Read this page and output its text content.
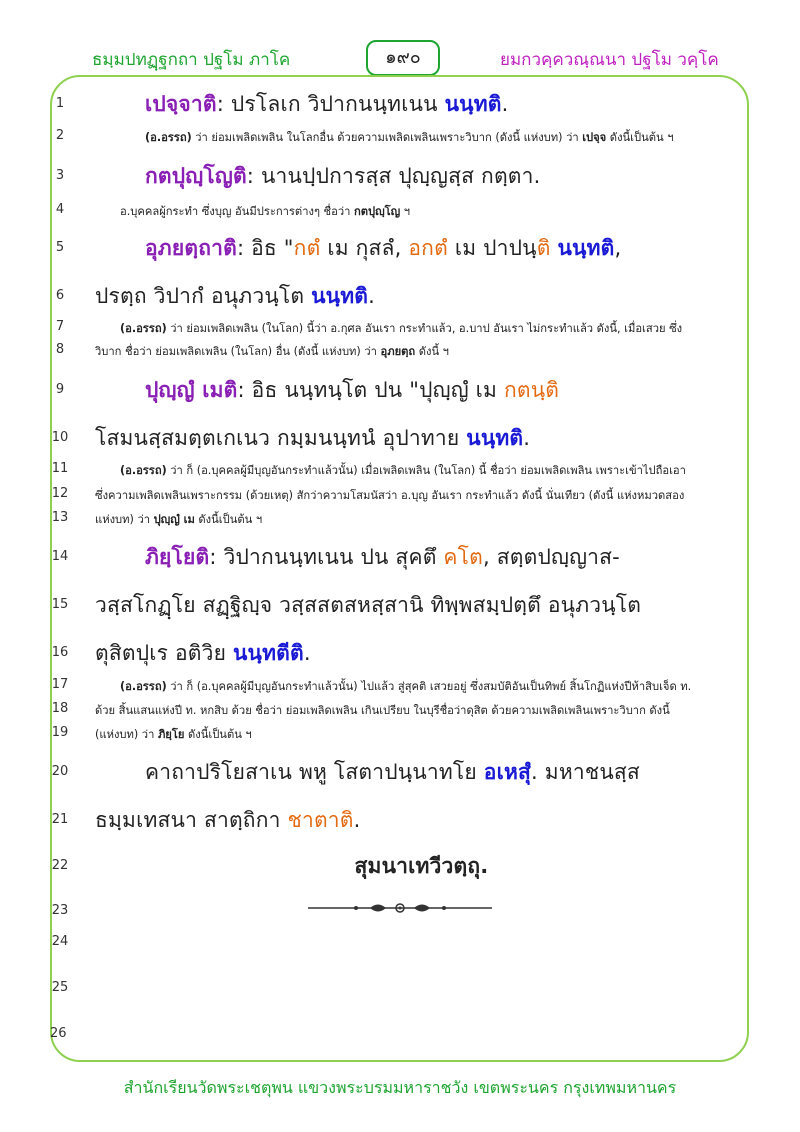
ธมฺมปทฏฺฐกถา ปฐโม ภาโค	๑๙๐	ยมกวคฺควณฺณนา ปฐโม วคฺโค
1	เปจฺจาติ: ปรโลเก วิปากนนฺทเนน นนฺทติ.
2	(อ.อรรถ) ว่า ย่อมเพลิดเพลิน ในโลกอื่น ด้วยความเพลิดเพลินเพราะวิบาก (ดังนี้ แห่งบท) ว่า เปจฺจ ดังนี้เป็นต้น ฯ
3	กตปุญฺโญติ: นานปฺปการสฺส ปุญฺญสฺส กตฺตา.
4	อ.บุคคลผู้กระทำ ซึ่งบุญ อันมีประการต่างๆ ชื่อว่า กตปุญฺโญ ฯ
5	อุภยตฺถาติ: อิธ "กตํ เม กุสลํ, อกตํ เม ปาปนฺติ นนฺทติ,
6	ปรตฺถ วิปากํ อนุภวนฺโต นนฺทติ.
7	(อ.อรรถ) ว่า ย่อมเพลิดเพลิน (ในโลก) นี้ว่า อ.กุศล อันเรา กระทำแล้ว, อ.บาป อันเรา ไม่กระทำแล้ว ดังนี้, เมื่อเสวย ซึ่ง
8	วิบาก ชื่อว่า ย่อมเพลิดเพลิน (ในโลก) อื่น (ดังนี้ แห่งบท) ว่า อุภยตฺถ ดังนี้ ฯ
9	ปุญฺญํ เมติ: อิธ นนฺทนฺโต ปน "ปุญฺญํ เม กตนฺติ
10	โสมนสฺสมตฺตเกเนว กมฺมนนฺทนํ อุปาทาย นนฺทติ.
11	(อ.อรรถ) ว่า ก็ (อ.บุคคลผู้มีบุญอันกระทำแล้วนั้น) เมื่อเพลิดเพลิน (ในโลก) นี้ ชื่อว่า ย่อมเพลิดเพลิน เพราะเข้าไปถือเอา
12	ซึ่งความเพลิดเพลินเพราะกรรม (ด้วยเหตุ) สักว่าความโสมนัสว่า อ.บุญ อันเรา กระทำแล้ว ดังนี้ นั่นเทียว (ดังนี้ แห่งหมวดสอง
13	แห่งบท) ว่า ปุญฺญํ เม ดังนี้เป็นต้น ฯ
14	ภิยฺโยติ: วิปากนนฺทเนน ปน สุคตึ คโต, สตฺตปญฺญาส-
15	วสฺสโกฏฺโย สฏฺฐิญฺจ วสฺสสตสหสฺสานิ ทิพฺพสมฺปตฺตึ อนุภวนฺโต
16	ตุสิตปุเร อติวิย นนฺทตีติ.
17	(อ.อรรถ) ว่า ก็ (อ.บุคคลผู้มีบุญอันกระทำแล้วนั้น) ไปแล้ว สู่สุคติ เสวยอยู่ ซึ่งสมบัติอันเป็นทิพย์ สิ้นโกฏิแห่งปีห้าสิบเจ็ด ท.
18	ด้วย สิ้นแสนแห่งปี ท. หกสิบ ด้วย ชื่อว่า ย่อมเพลิดเพลิน เกินเปรียบ ในบุรีชื่อว่าดุสิต ด้วยความเพลิดเพลินเพราะวิบาก ดังนี้
19	(แห่งบท) ว่า ภิยฺโย ดังนี้เป็นต้น ฯ
20	คาถาปริโยสาเน พหู โสตาปนฺนาทโย อเหสุํ. มหาชนสฺส
21	ธมฺมเทสนา สาตฺถิกา ชาตาติ.
22	สุมนาเทวีวตฺถุ.
23
24
25
26
สำนักเรียนวัดพระเชตุพน แขวงพระบรมมหาราชวัง เขตพระนคร กรุงเทพมหานคร
